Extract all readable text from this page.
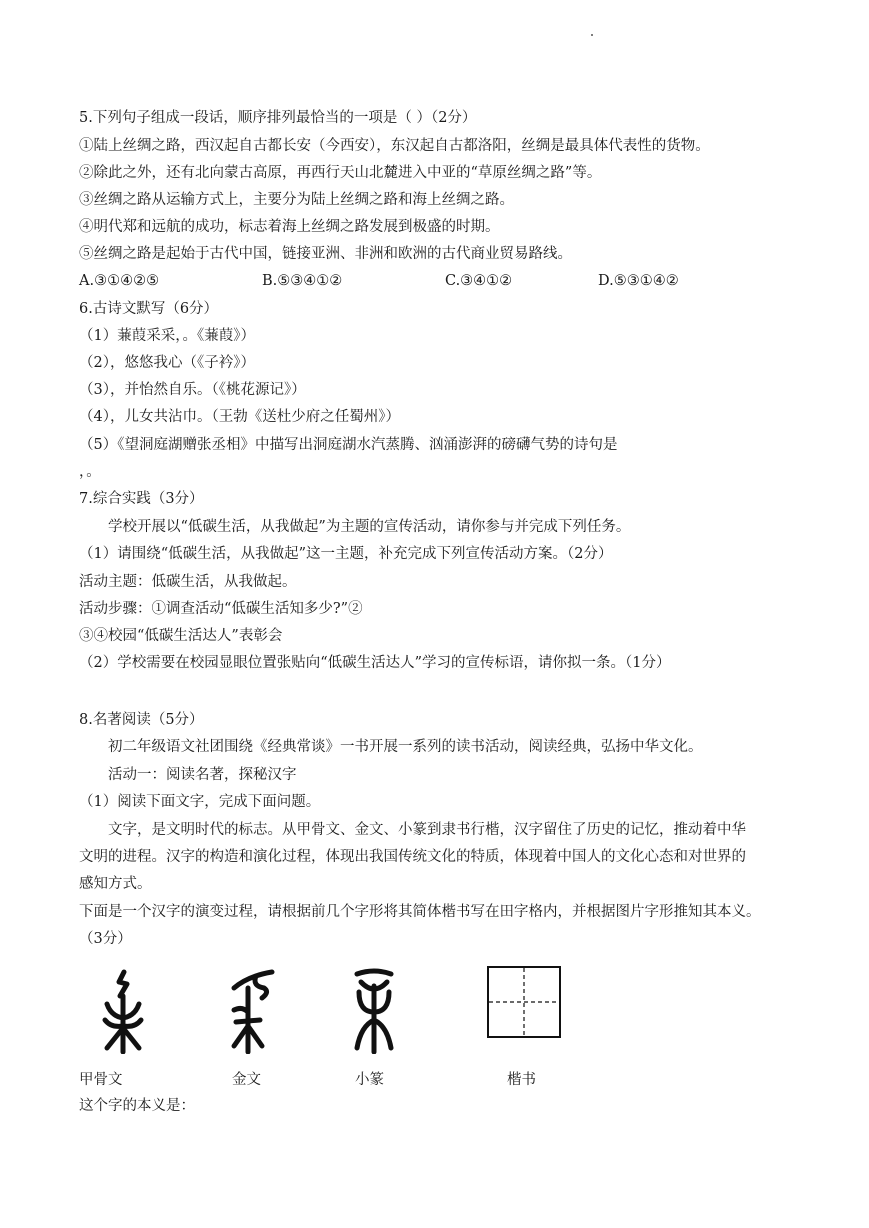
5.下列句子组成一段话，顺序排列最恰当的一项是（ ）（2分）
①陆上丝绸之路，西汉起自古都长安（今西安），东汉起自古都洛阳，丝绸是最具体代表性的货物。
②除此之外，还有北向蒙古高原，再西行天山北麓进入中亚的“草原丝绸之路”等。
③丝绸之路从运输方式上，主要分为陆上丝绸之路和海上丝绸之路。
④明代郑和远航的成功，标志着海上丝绸之路发展到极盛的时期。
⑤丝绸之路是起始于古代中国，链接亚洲、非洲和欧洲的古代商业贸易路线。
A.③①④②⑤	B.⑤③④①②	C.③④①②	D.⑤③①④②
6.古诗文默写（6分）
（1）蒹葭采采，。《蒹葭》）
（2），悠悠我心（《子衿》）
（3），并怡然自乐。（《桃花源记》）
（4），儿女共沾巾。（王勃《送杜少府之任蜀州》）
（5）《望洞庭湖赠张丞相》中描写出洞庭湖水汽蒸腾、汹涌澎湃的磅礴气势的诗句是
，。
7.综合实践（3分）
学校开展以“低碳生活，从我做起”为主题的宣传活动，请你参与并完成下列任务。
（1）请围绕“低碳生活，从我做起”这一主题，补充完成下列宣传活动方案。（2分）
活动主题：低碳生活，从我做起。
活动步骤：①调查活动“低碳生活知多少?”②
③④校园“低碳生活达人”表彰会
（2）学校需要在校园显眼位置张贴向“低碳生活达人”学习的宣传标语，请你拟一条。（1分）
8.名著阅读（5分）
初二年级语文社团围绕《经典常谈》一书开展一系列的读书活动，阅读经典，弘扬中华文化。
活动一：阅读名著，探秘汉字
（1）阅读下面文字，完成下面问题。
文字，是文明时代的标志。从甲骨文、金文、小篆到隶书行楷，汉字留住了历史的记忆，推动着中华
文明的进程。汉字的构造和演化过程，体现出我国传统文化的特质，体现着中国人的文化心态和对世界的
感知方式。
下面是一个汉字的演变过程，请根据前几个字形将其简体楷书写在田字格内，并根据图片字形推知其本义。
（3分）
甲骨文	金文	小篆	楷书
这个字的本义是：
